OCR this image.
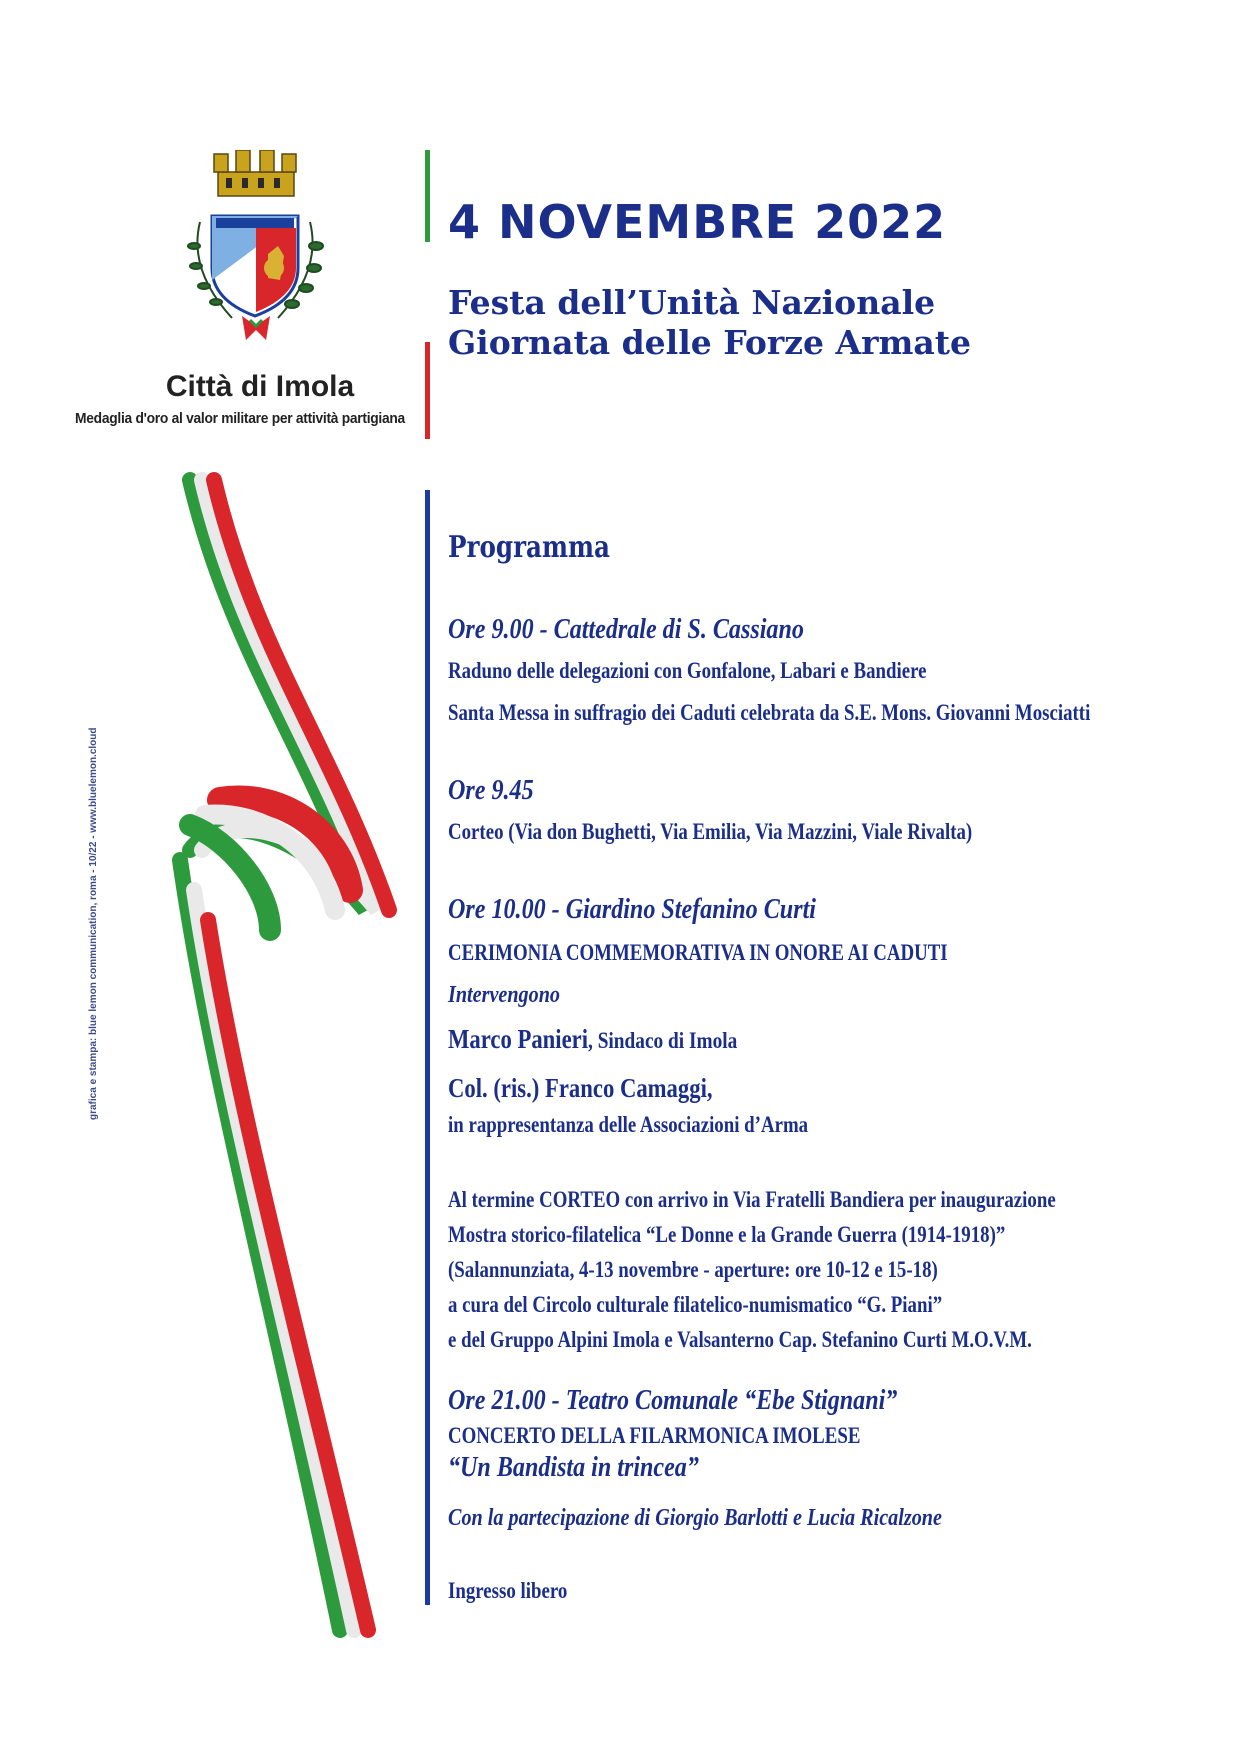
Città di Imola
Medaglia d'oro al valor militare per attività partigiana
4 NOVEMBRE 2022
Festa dell’Unità Nazionale
Giornata delle Forze Armate
grafica e stampa: blue lemon communication, roma - 10/22 - www.bluelemon.cloud
Programma
Ore 9.00 - Cattedrale di S. Cassiano
Raduno delle delegazioni con Gonfalone, Labari e Bandiere
Santa Messa in suffragio dei Caduti celebrata da S.E. Mons. Giovanni Mosciatti
Ore 9.45
Corteo (Via don Bughetti, Via Emilia, Via Mazzini, Viale Rivalta)
Ore 10.00 - Giardino Stefanino Curti
CERIMONIA COMMEMORATIVA IN ONORE AI CADUTI
Intervengono
Marco Panieri, Sindaco di Imola
Col. (ris.) Franco Camaggi,
in rappresentanza delle Associazioni d’Arma
Al termine CORTEO con arrivo in Via Fratelli Bandiera per inaugurazione
Mostra storico-filatelica “Le Donne e la Grande Guerra (1914-1918)”
(Salannunziata, 4-13 novembre - aperture: ore 10-12 e 15-18)
a cura del Circolo culturale filatelico-numismatico “G. Piani”
e del Gruppo Alpini Imola e Valsanterno Cap. Stefanino Curti M.O.V.M.
Ore 21.00 - Teatro Comunale “Ebe Stignani”
CONCERTO DELLA FILARMONICA IMOLESE
“Un Bandista in trincea”
Con la partecipazione di Giorgio Barlotti e Lucia Ricalzone
Ingresso libero
